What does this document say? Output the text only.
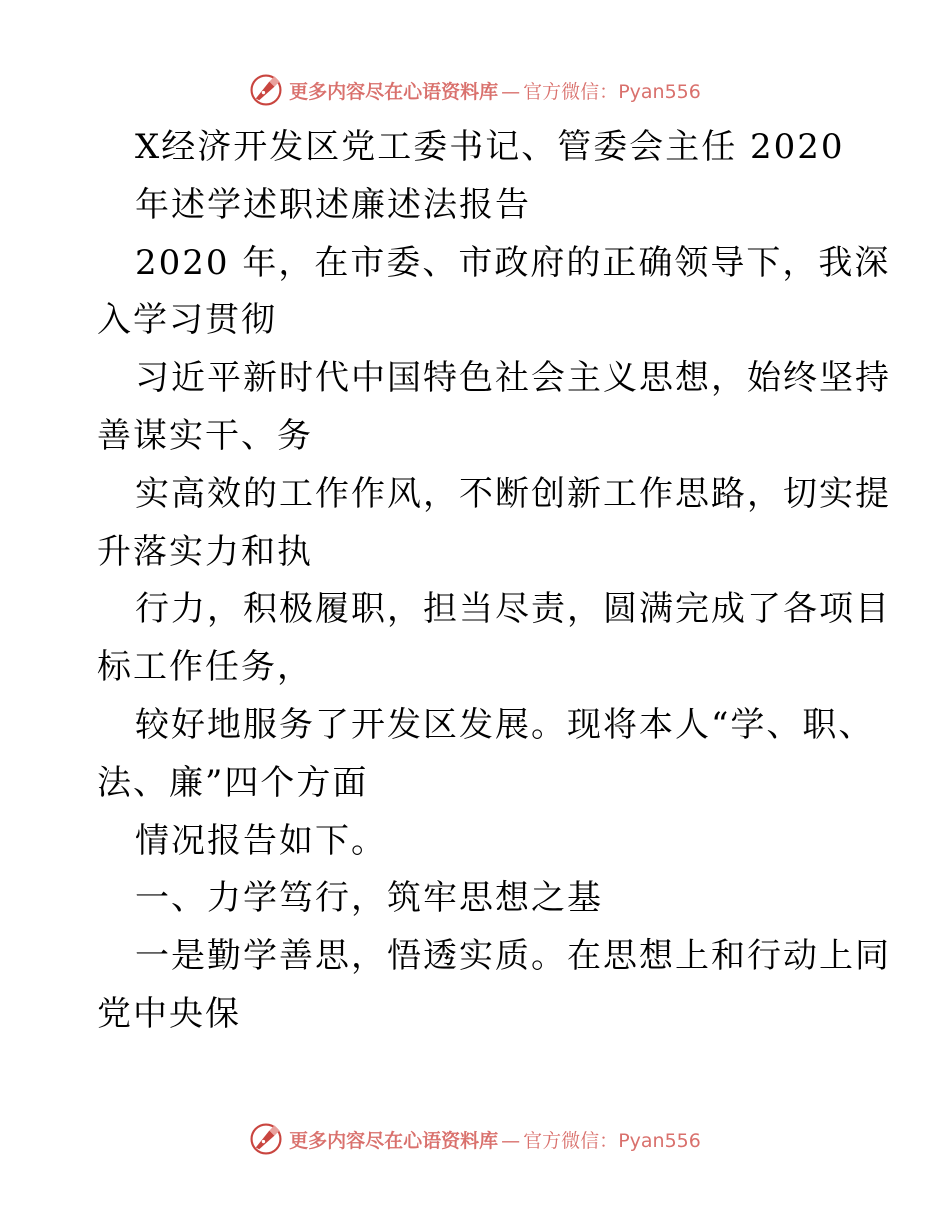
更多内容尽在心语资料库 — 官方微信：Pyan556
X经济开发区党工委书记、管委会主任 2020
年述学述职述廉述法报告
2020 年，在市委、市政府的正确领导下，我深
入学习贯彻
习近平新时代中国特色社会主义思想，始终坚持
善谋实干、务
实高效的工作作风，不断创新工作思路，切实提
升落实力和执
行力，积极履职，担当尽责，圆满完成了各项目
标工作任务，
较好地服务了开发区发展。现将本人“学、职、
法、廉”四个方面
情况报告如下。
一、力学笃行，筑牢思想之基
一是勤学善思，悟透实质。在思想上和行动上同
党中央保
更多内容尽在心语资料库 — 官方微信：Pyan556
